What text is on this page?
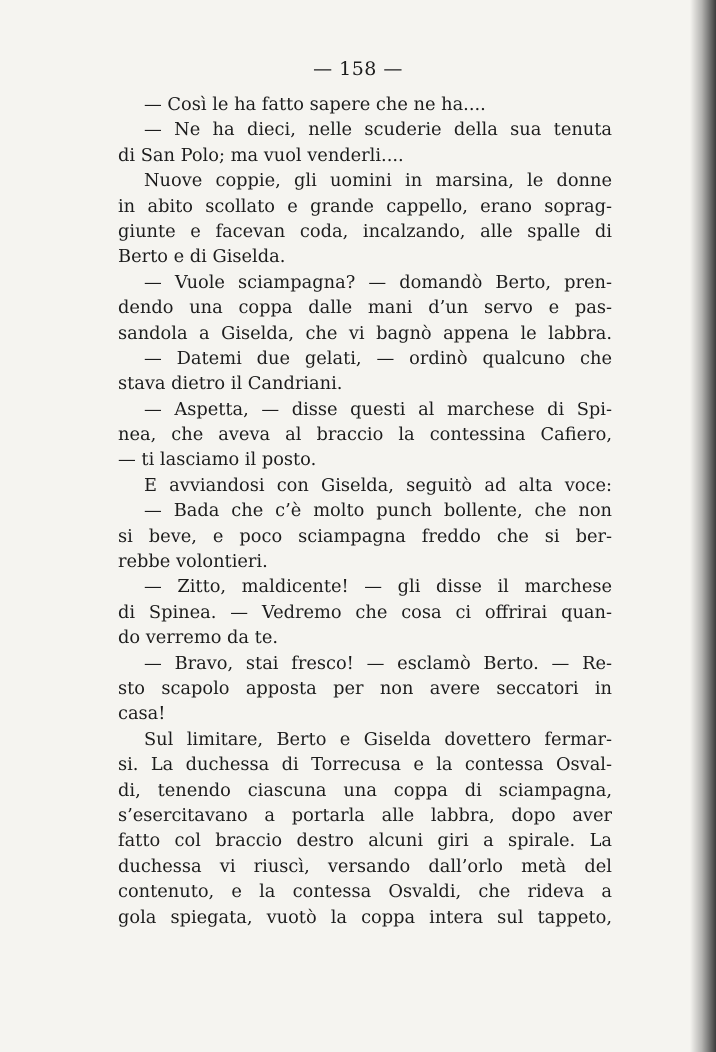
— 158 —
— Così le ha fatto sapere che ne ha....
— Ne ha dieci, nelle scuderie della sua tenuta
di San Polo; ma vuol venderli....
Nuove coppie, gli uomini in marsina, le donne
in abito scollato e grande cappello, erano soprag-
giunte e facevan coda, incalzando, alle spalle di
Berto e di Giselda.
— Vuole sciampagna? — domandò Berto, pren-
dendo una coppa dalle mani d’un servo e pas-
sandola a Giselda, che vi bagnò appena le labbra.
— Datemi due gelati, — ordinò qualcuno che
stava dietro il Candriani.
— Aspetta, — disse questi al marchese di Spi-
nea, che aveva al braccio la contessina Cafiero,
— ti lasciamo il posto.
E avviandosi con Giselda, seguitò ad alta voce:
— Bada che c’è molto punch bollente, che non
si beve, e poco sciampagna freddo che si ber-
rebbe volontieri.
— Zitto, maldicente! — gli disse il marchese
di Spinea. — Vedremo che cosa ci offrirai quan-
do verremo da te.
— Bravo, stai fresco! — esclamò Berto. — Re-
sto scapolo apposta per non avere seccatori in
casa!
Sul limitare, Berto e Giselda dovettero fermar-
si. La duchessa di Torrecusa e la contessa Osval-
di, tenendo ciascuna una coppa di sciampagna,
s’esercitavano a portarla alle labbra, dopo aver
fatto col braccio destro alcuni giri a spirale. La
duchessa vi riuscì, versando dall’orlo metà del
contenuto, e la contessa Osvaldi, che rideva a
gola spiegata, vuotò la coppa intera sul tappeto,
